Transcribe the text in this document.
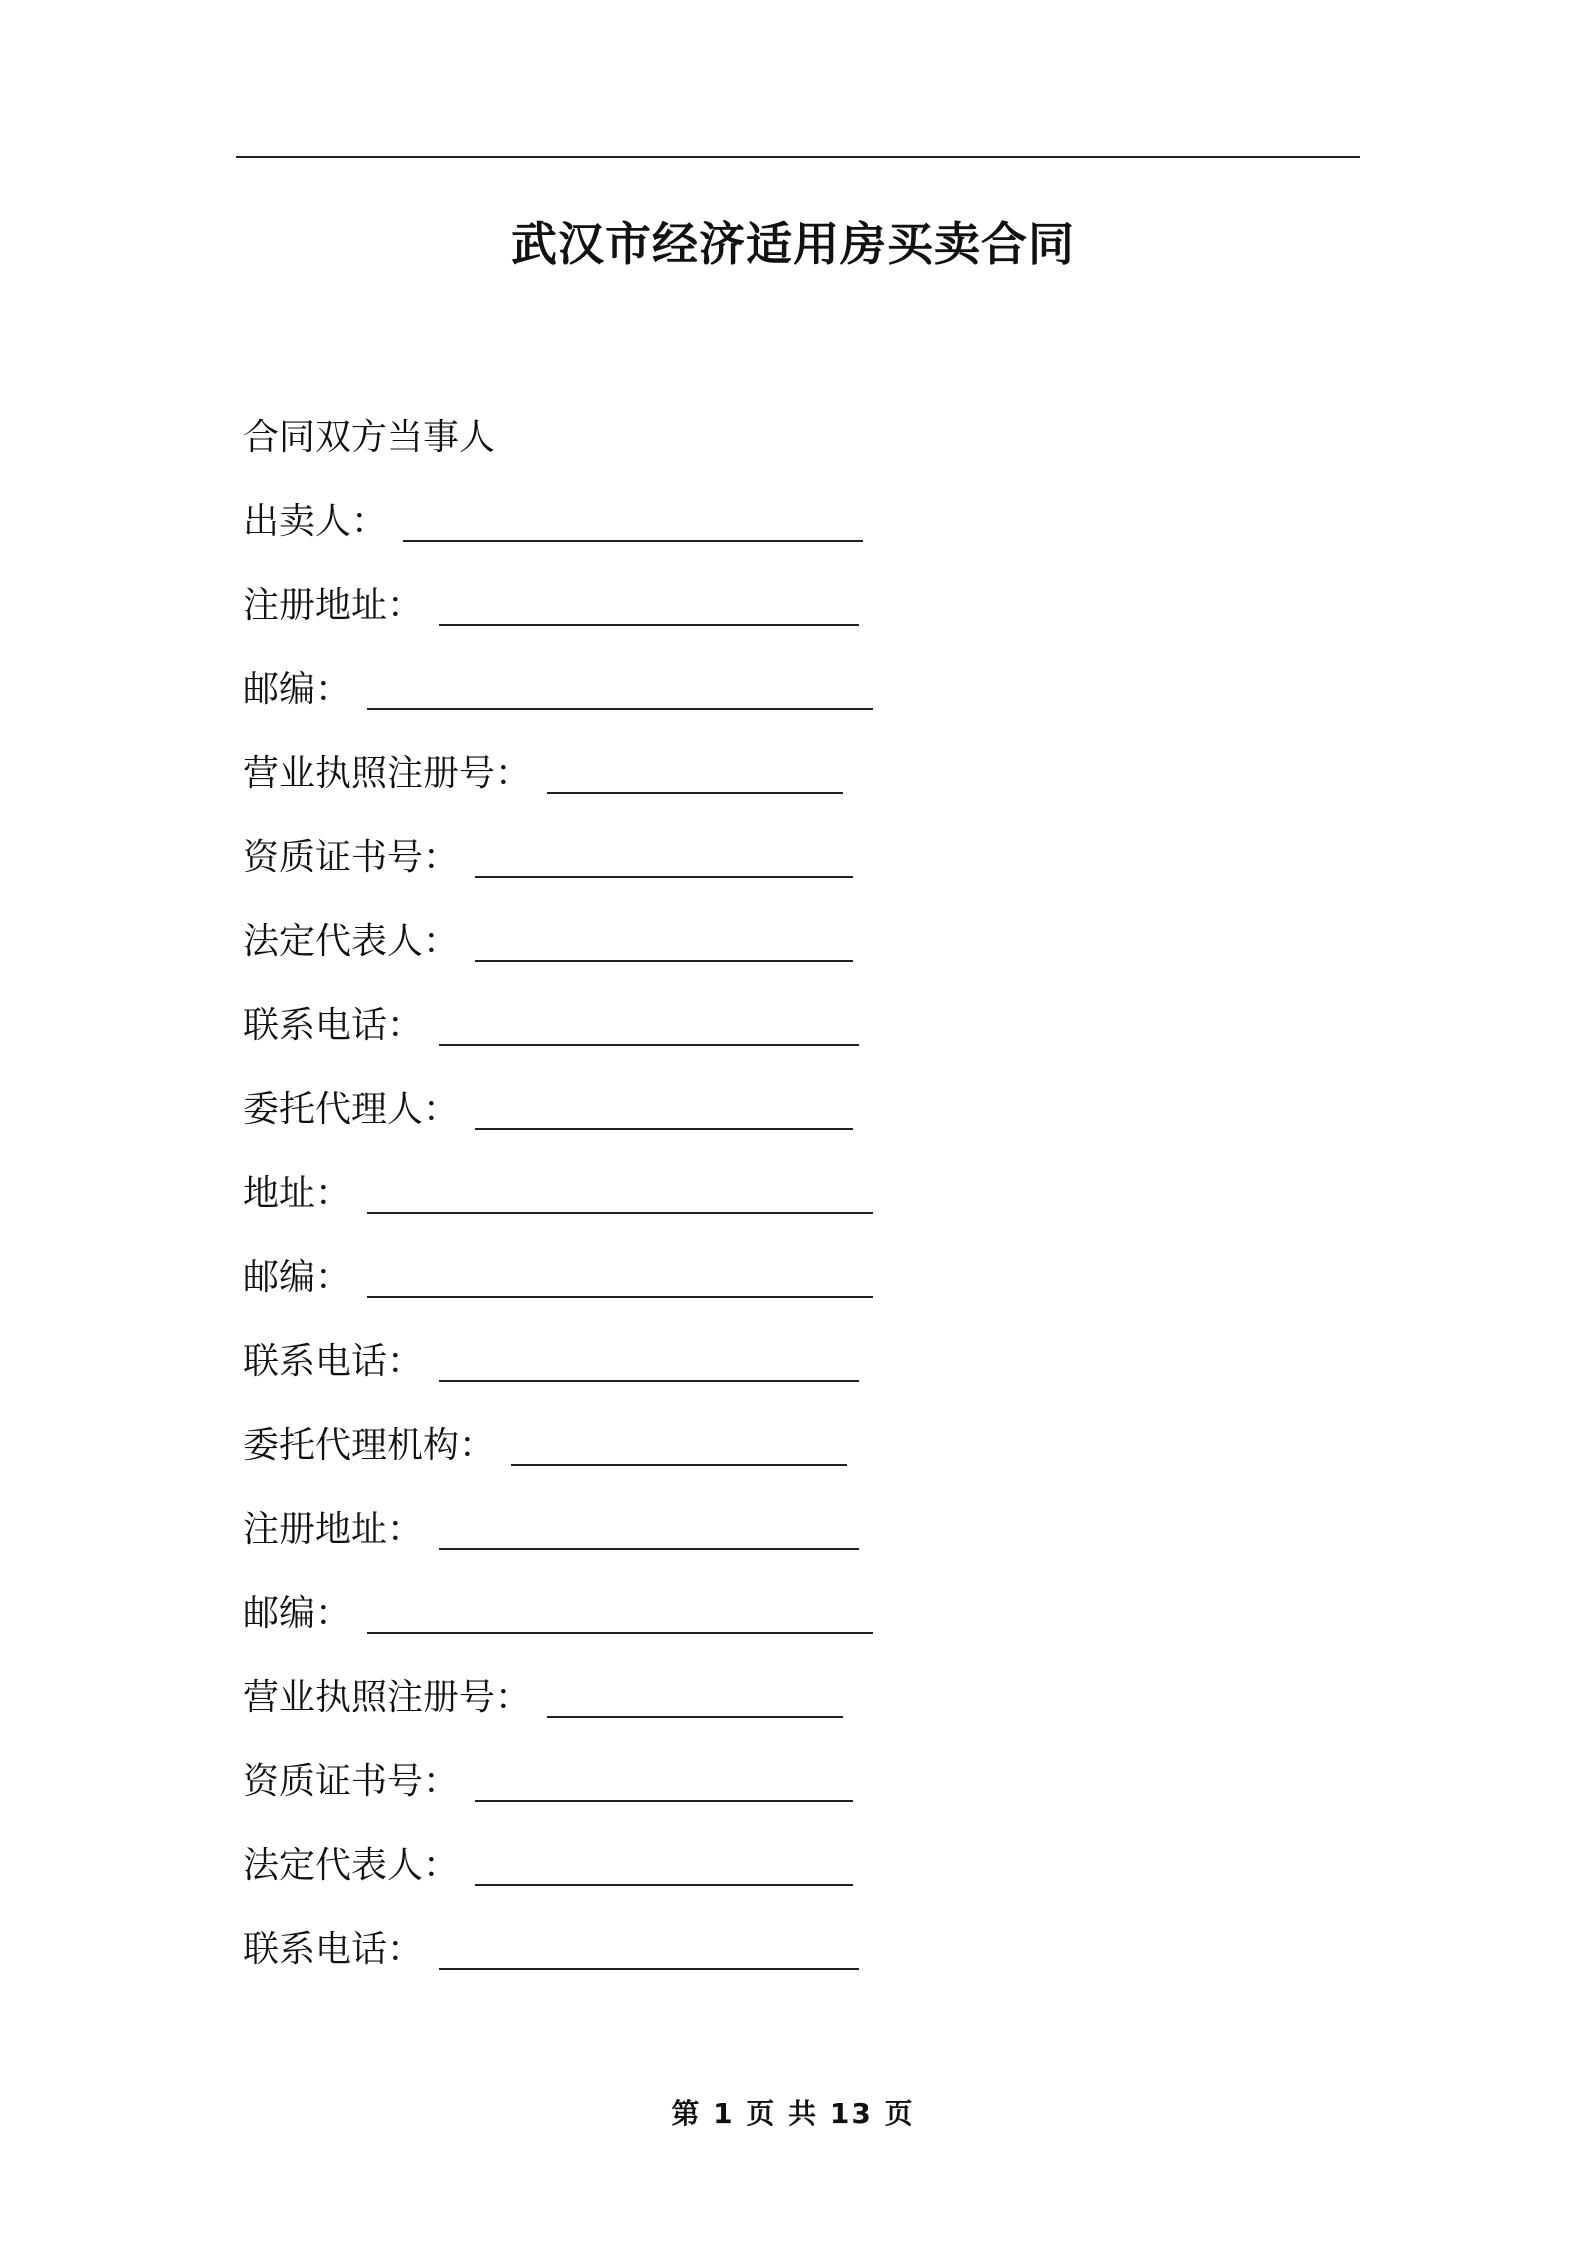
武汉市经济适用房买卖合同
合同双方当事人
出卖人 ：
注册地址 ：
邮编 ：
营业执照注册号 ：
资质证书号 ：
法定代表人 ：
联系电话 ：
委托代理人 ：
地址 ：
邮编 ：
联系电话 ：
委托代理机构 ：
注册地址 ：
邮编 ：
营业执照注册号 ：
资质证书号 ：
法定代表人 ：
联系电话 ：
第 1 页 共 13 页
